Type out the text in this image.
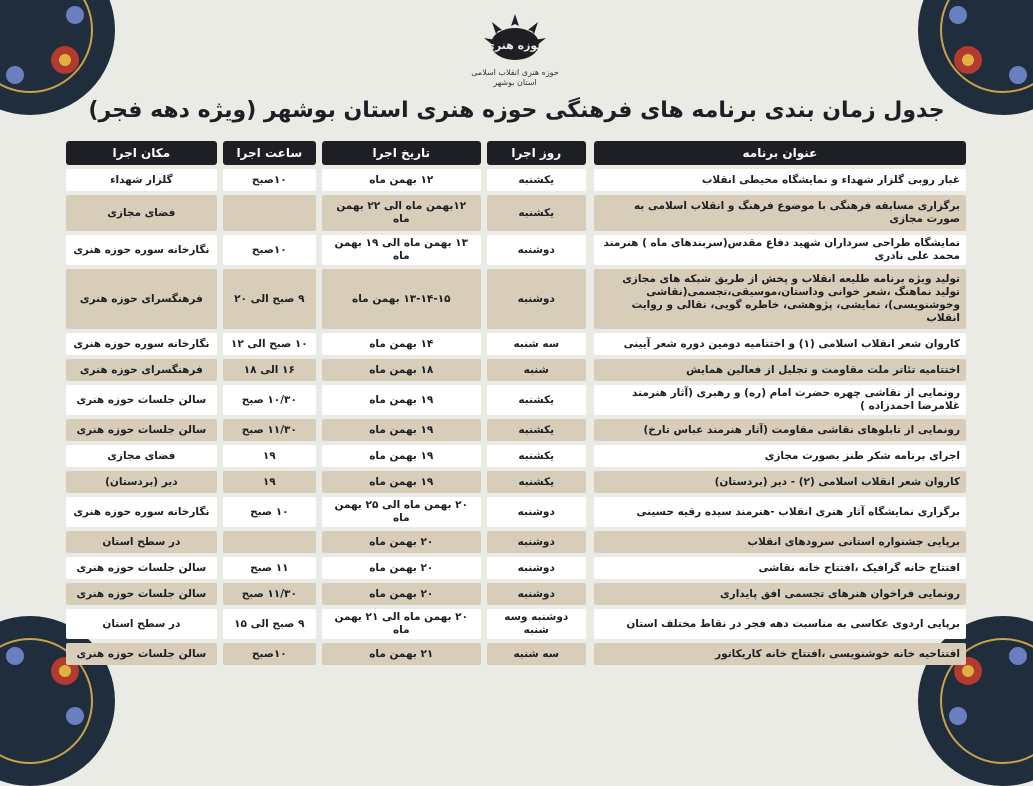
حوزه هنری
حوزه هنری انقلاب اسلامی
استان بوشهر
جدول زمان بندی برنامه های فرهنگی حوزه هنری استان بوشهر (ویژه دهه فجر)
عنوان برنامه		روز اجرا		تاریخ اجرا		ساعت اجرا		مکان اجرا
غبار روبی گلزار شهداء و نمایشگاه محیطی انقلاب		یکشنبه		۱۲ بهمن ماه		۱۰صبح		گلزار شهداء
برگزاری مسابقه فرهنگی با موضوع فرهنگ و انقلاب اسلامی به صورت مجازی		یکشنبه		۱۲بهمن ماه الی ۲۲ بهمن ماه				فضای مجازی
نمایشگاه طراحی سرداران شهید دفاع مقدس(سربندهای ماه ) هنرمند محمد علی نادری		دوشنبه		۱۳ بهمن ماه الی ۱۹ بهمن ماه		۱۰صبح		نگارخانه سوره حوزه هنری
تولید ویژه برنامه طلیعه انقلاب و پخش از طریق شبکه های مجازی تولید نماهنگ ،شعر خوانی وداستان،موسیقی،تجسمی(نقاشی وخوشنویسی)، نمایشی، پژوهشی، خاطره گویی، نقالی و روایت انقلاب		دوشنبه		۱۳-۱۴-۱۵ بهمن ماه		۹ صبح الی ۲۰		فرهنگسرای حوزه هنری
کاروان شعر انقلاب اسلامی (۱) و اختتامیه دومین دوره شعر آیینی		سه شنبه		۱۴ بهمن ماه		۱۰ صبح الی ۱۲		نگارخانه سوره حوزه هنری
اختتامیه تئاتر ملت مقاومت و تجلیل از فعالین همایش		شنبه		۱۸ بهمن ماه		۱۶ الی ۱۸		فرهنگسرای حوزه هنری
رونمایی از نقاشی چهره حضرت امام (ره) و رهبری (آثار هنرمند غلامرضا احمدزاده )		یکشنبه		۱۹ بهمن ماه		۱۰/۳۰ صبح		سالن جلسات حوزه هنری
رونمایی از تابلوهای نقاشی مقاومت (آثار هنرمند عباس تارخ)		یکشنبه		۱۹ بهمن ماه		۱۱/۳۰ صبح		سالن جلسات حوزه هنری
اجرای برنامه شکر طنز بصورت مجازی		یکشنبه		۱۹ بهمن ماه		۱۹		فضای مجازی
کاروان شعر انقلاب اسلامی (۲) - دیر (بردستان)		یکشنبه		۱۹ بهمن ماه		۱۹		دیر (بردستان)
برگزاری نمایشگاه آثار هنری انقلاب -هنرمند سیده رقیه حسینی		دوشنبه		۲۰ بهمن ماه الی ۲۵ بهمن ماه		۱۰ صبح		نگارخانه سوره حوزه هنری
برپایی جشنواره استانی سرودهای انقلاب		دوشنبه		۲۰ بهمن ماه				در سطح استان
افتتاح خانه گرافیک ،افتتاح خانه نقاشی		دوشنبه		۲۰ بهمن ماه		۱۱ صبح		سالن جلسات حوزه هنری
رونمایی فراخوان هنرهای تجسمی افق پایداری		دوشنبه		۲۰ بهمن ماه		۱۱/۳۰ صبح		سالن جلسات حوزه هنری
برپایی اردوی عکاسی به مناسبت دهه فجر در نقاط مختلف استان		دوشنبه وسه شنبه		۲۰ بهمن ماه الی ۲۱ بهمن ماه		۹ صبح الی ۱۵		در سطح استان
افتتاحیه خانه خوشنویسی ،افتتاح خانه کاریکاتور		سه شنبه		۲۱ بهمن ماه		۱۰صبح		سالن جلسات حوزه هنری
